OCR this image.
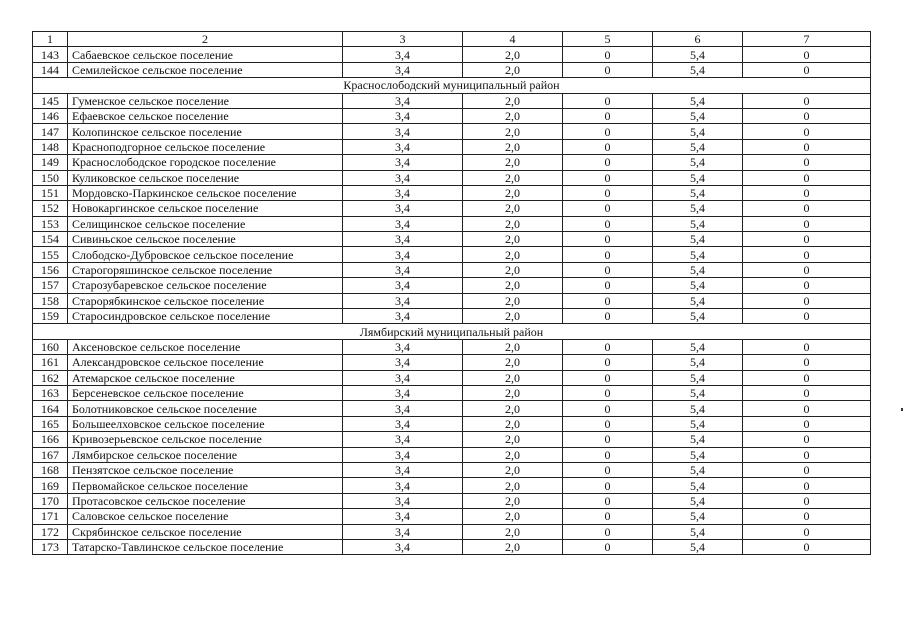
1	2	3	4	5	6	7
143	Сабаевское сельское поселение	3,4	2,0	0	5,4	0
144	Семилейское сельское поселение	3,4	2,0	0	5,4	0
Краснослободский муниципальный район						
145	Гуменское сельское поселение	3,4	2,0	0	5,4	0
146	Ефаевское сельское поселение	3,4	2,0	0	5,4	0
147	Колопинское сельское поселение	3,4	2,0	0	5,4	0
148	Краснoподгорное сельское поселение	3,4	2,0	0	5,4	0
149	Краснослободское городское поселение	3,4	2,0	0	5,4	0
150	Куликовское сельское поселение	3,4	2,0	0	5,4	0
151	Мордовско-Паркинское сельское поселение	3,4	2,0	0	5,4	0
152	Новокаргинское сельское поселение	3,4	2,0	0	5,4	0
153	Селищинское сельское поселение	3,4	2,0	0	5,4	0
154	Сивиньское сельское поселение	3,4	2,0	0	5,4	0
155	Слободско-Дубровское сельское поселение	3,4	2,0	0	5,4	0
156	Старогоряшинское сельское поселение	3,4	2,0	0	5,4	0
157	Старозубаревское сельское поселение	3,4	2,0	0	5,4	0
158	Старорябкинское сельское поселение	3,4	2,0	0	5,4	0
159	Старосиндровское сельское поселение	3,4	2,0	0	5,4	0
Лямбирский муниципальный район						
160	Аксеновское сельское поселение	3,4	2,0	0	5,4	0
161	Александровское сельское поселение	3,4	2,0	0	5,4	0
162	Атемарское сельское поселение	3,4	2,0	0	5,4	0
163	Берсеневское сельское поселение	3,4	2,0	0	5,4	0
164	Болотниковское сельское поселение	3,4	2,0	0	5,4	0
165	Большеелховское сельское поселение	3,4	2,0	0	5,4	0
166	Кривозерьевское сельское поселение	3,4	2,0	0	5,4	0
167	Лямбирское сельское поселение	3,4	2,0	0	5,4	0
168	Пензятское сельское поселение	3,4	2,0	0	5,4	0
169	Первомайское сельское поселение	3,4	2,0	0	5,4	0
170	Протасовское сельское поселение	3,4	2,0	0	5,4	0
171	Саловское сельское поселение	3,4	2,0	0	5,4	0
172	Скрябинское сельское поселение	3,4	2,0	0	5,4	0
173	Татарско-Тавлинское сельское поселение	3,4	2,0	0	5,4	0
